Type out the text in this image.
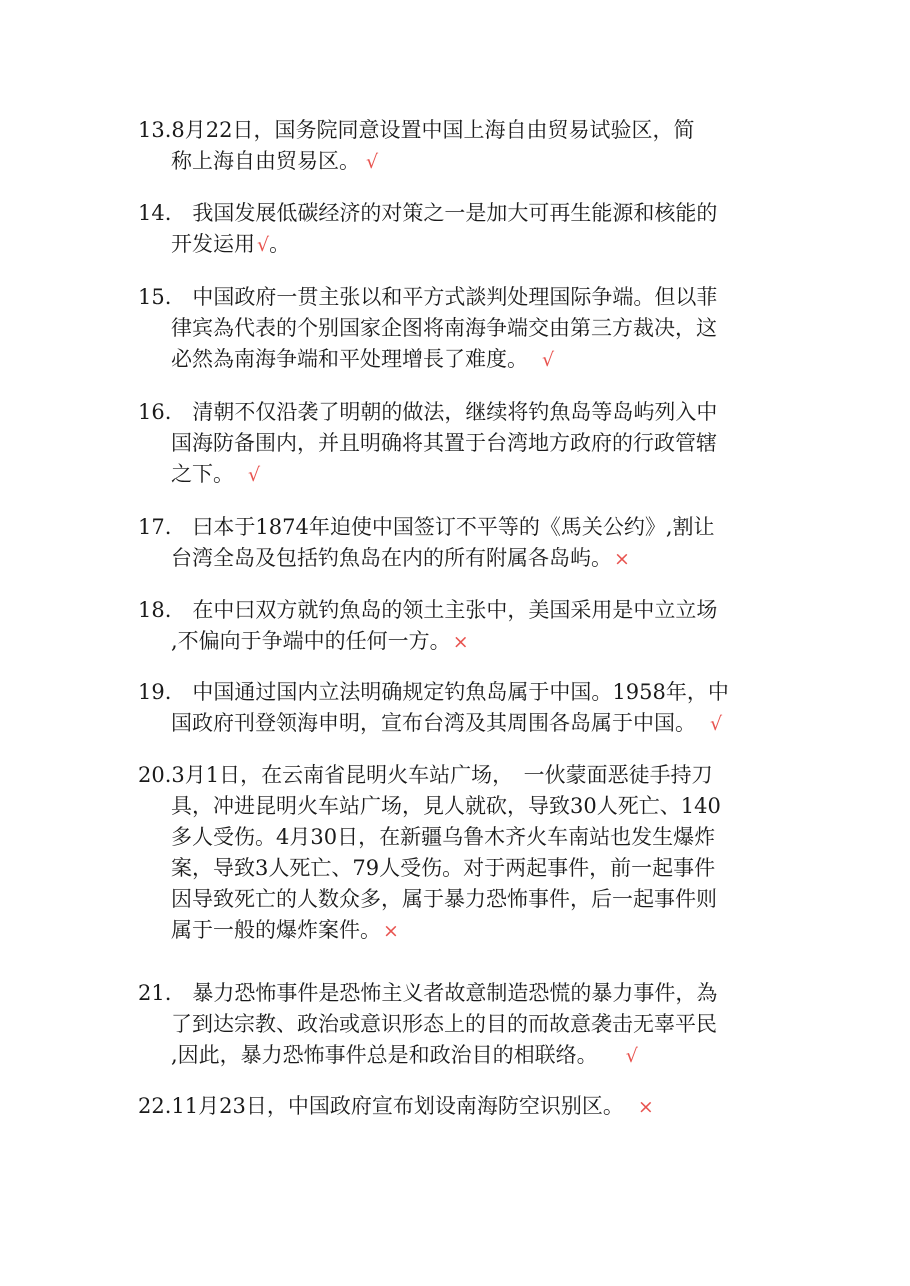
13.8月22日，国务院同意设置中国上海自由贸易试验区，简
称上海自由贸易区。 √
14.　我国发展低碳经济的对策之一是加大可再生能源和核能的
开发运用 √。
15.　中国政府一贯主张以和平方式談判处理国际争端。但以菲
律宾為代表的个别国家企图将南海争端交由第三方裁决，这
必然為南海争端和平处理增長了难度。 √
16.　清朝不仅沿袭了明朝的做法，继续将钓魚岛等岛屿列入中
国海防备围内，并且明确将其置于台湾地方政府的行政管辖
之下。 √
17.　曰本于1874年迫使中国签订不平等的《馬关公约》,割让
台湾全岛及包括钓魚岛在内的所有附属各岛屿。 ×
18.　在中曰双方就钓魚岛的领土主张中，美国采用是中立立场
,不偏向于争端中的任何一方。 ×
19.　中国通过国内立法明确规定钓魚岛属于中国。1958年，中
国政府刊登领海申明，宣布台湾及其周围各岛属于中国。 √
20.3月1日，在云南省昆明火车站广场，　一伙蒙面恶徒手持刀
具，冲进昆明火车站广场，見人就砍，导致30人死亡、140
多人受伤。4月30日，在新疆乌鲁木齐火车南站也发生爆炸
案，导致3人死亡、79人受伤。对于两起事件，前一起事件
因导致死亡的人数众多，属于暴力恐怖事件，后一起事件则
属于一般的爆炸案件。 ×
21.　暴力恐怖事件是恐怖主义者故意制造恐慌的暴力事件，為
了到达宗教、政治或意识形态上的目的而故意袭击无辜平民
,因此，暴力恐怖事件总是和政治目的相联络。 √
22.11月23日，中国政府宣布划设南海防空识别区。 ×
